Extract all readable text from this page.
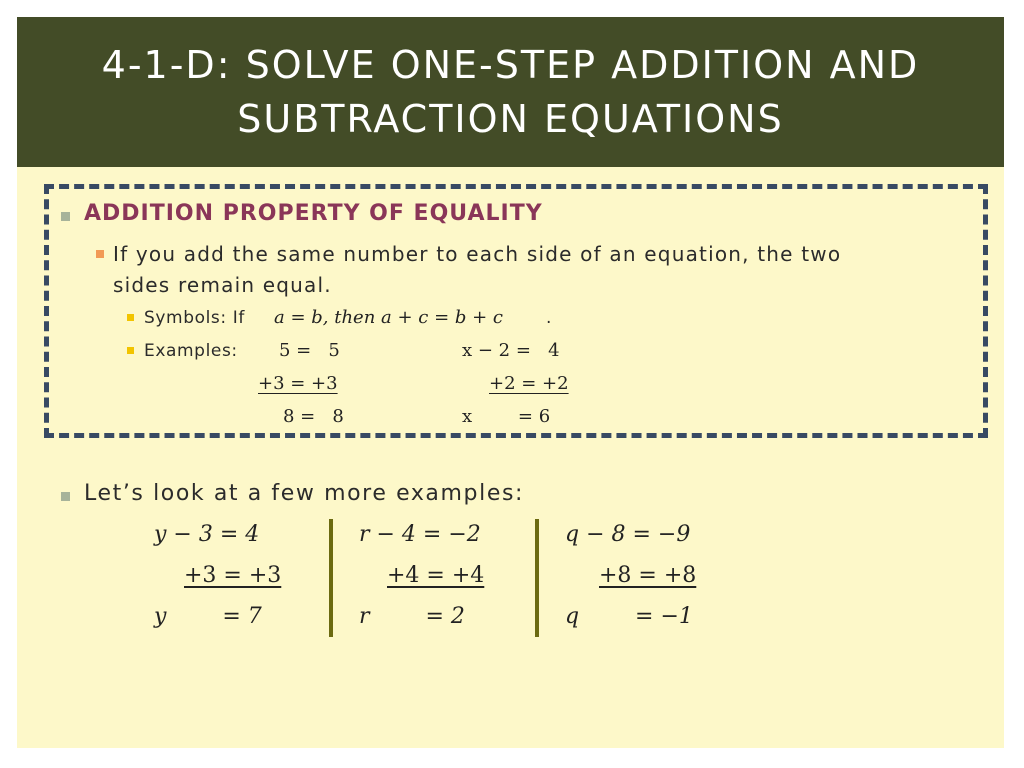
4-1-D: SOLVE ONE-STEP ADDITION AND
SUBTRACTION EQUATIONS
ADDITION PROPERTY OF EQUALITY
If you add the same number to each side of an equation, the two
sides remain equal.
Symbols: If a = b, then a + c = b + c	.
Examples: 5 =   5
+3 = +3
8 =   8
x − 2 =   4
+2 = +2
x        = 6
Let’s look at a few more examples:
y − 3 = 4
+3 = +3
y        = 7
r − 4 = −2
+4 = +4
r        = 2
q − 8 = −9
+8 = +8
q        = −1
